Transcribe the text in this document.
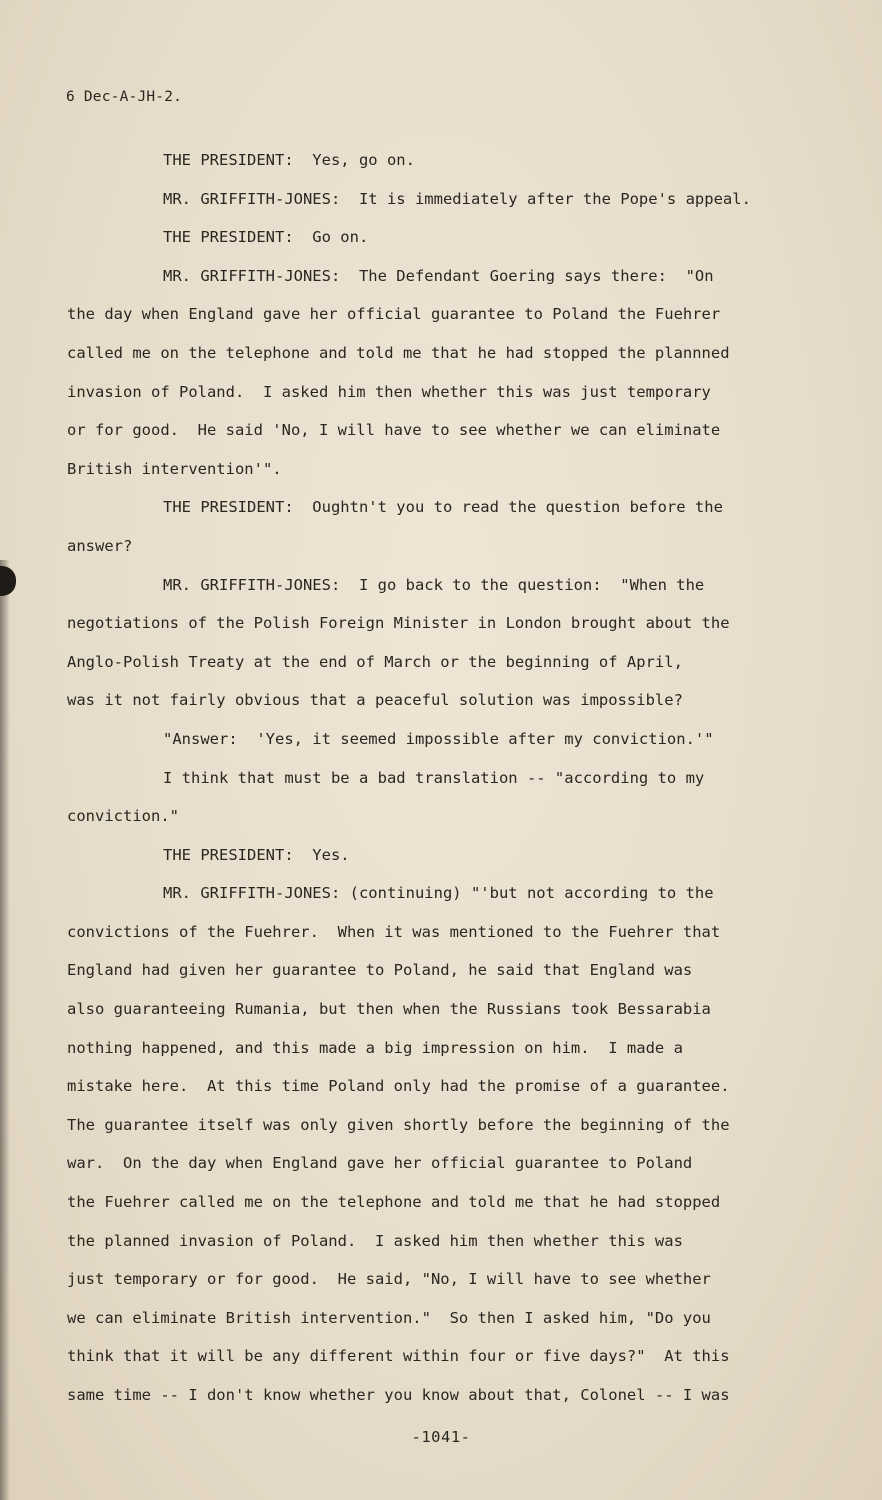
6 Dec-A-JH-2.
THE PRESIDENT:  Yes, go on.
MR. GRIFFITH-JONES:  It is immediately after the Pope's appeal.
THE PRESIDENT:  Go on.
MR. GRIFFITH-JONES:  The Defendant Goering says there:  "On
the day when England gave her official guarantee to Poland the Fuehrer
called me on the telephone and told me that he had stopped the plannned
invasion of Poland.  I asked him then whether this was just temporary
or for good.  He said 'No, I will have to see whether we can eliminate
British intervention'".
THE PRESIDENT:  Oughtn't you to read the question before the
answer?
MR. GRIFFITH-JONES:  I go back to the question:  "When the
negotiations of the Polish Foreign Minister in London brought about the
Anglo-Polish Treaty at the end of March or the beginning of April,
was it not fairly obvious that a peaceful solution was impossible?
"Answer:  'Yes, it seemed impossible after my conviction.'"
I think that must be a bad translation -- "according to my
conviction."
THE PRESIDENT:  Yes.
MR. GRIFFITH-JONES: (continuing) "'but not according to the
convictions of the Fuehrer.  When it was mentioned to the Fuehrer that
England had given her guarantee to Poland, he said that England was
also guaranteeing Rumania, but then when the Russians took Bessarabia
nothing happened, and this made a big impression on him.  I made a
mistake here.  At this time Poland only had the promise of a guarantee.
The guarantee itself was only given shortly before the beginning of the
war.  On the day when England gave her official guarantee to Poland
the Fuehrer called me on the telephone and told me that he had stopped
the planned invasion of Poland.  I asked him then whether this was
just temporary or for good.  He said, "No, I will have to see whether
we can eliminate British intervention."  So then I asked him, "Do you
think that it will be any different within four or five days?"  At this
same time -- I don't know whether you know about that, Colonel -- I was
-1041-
